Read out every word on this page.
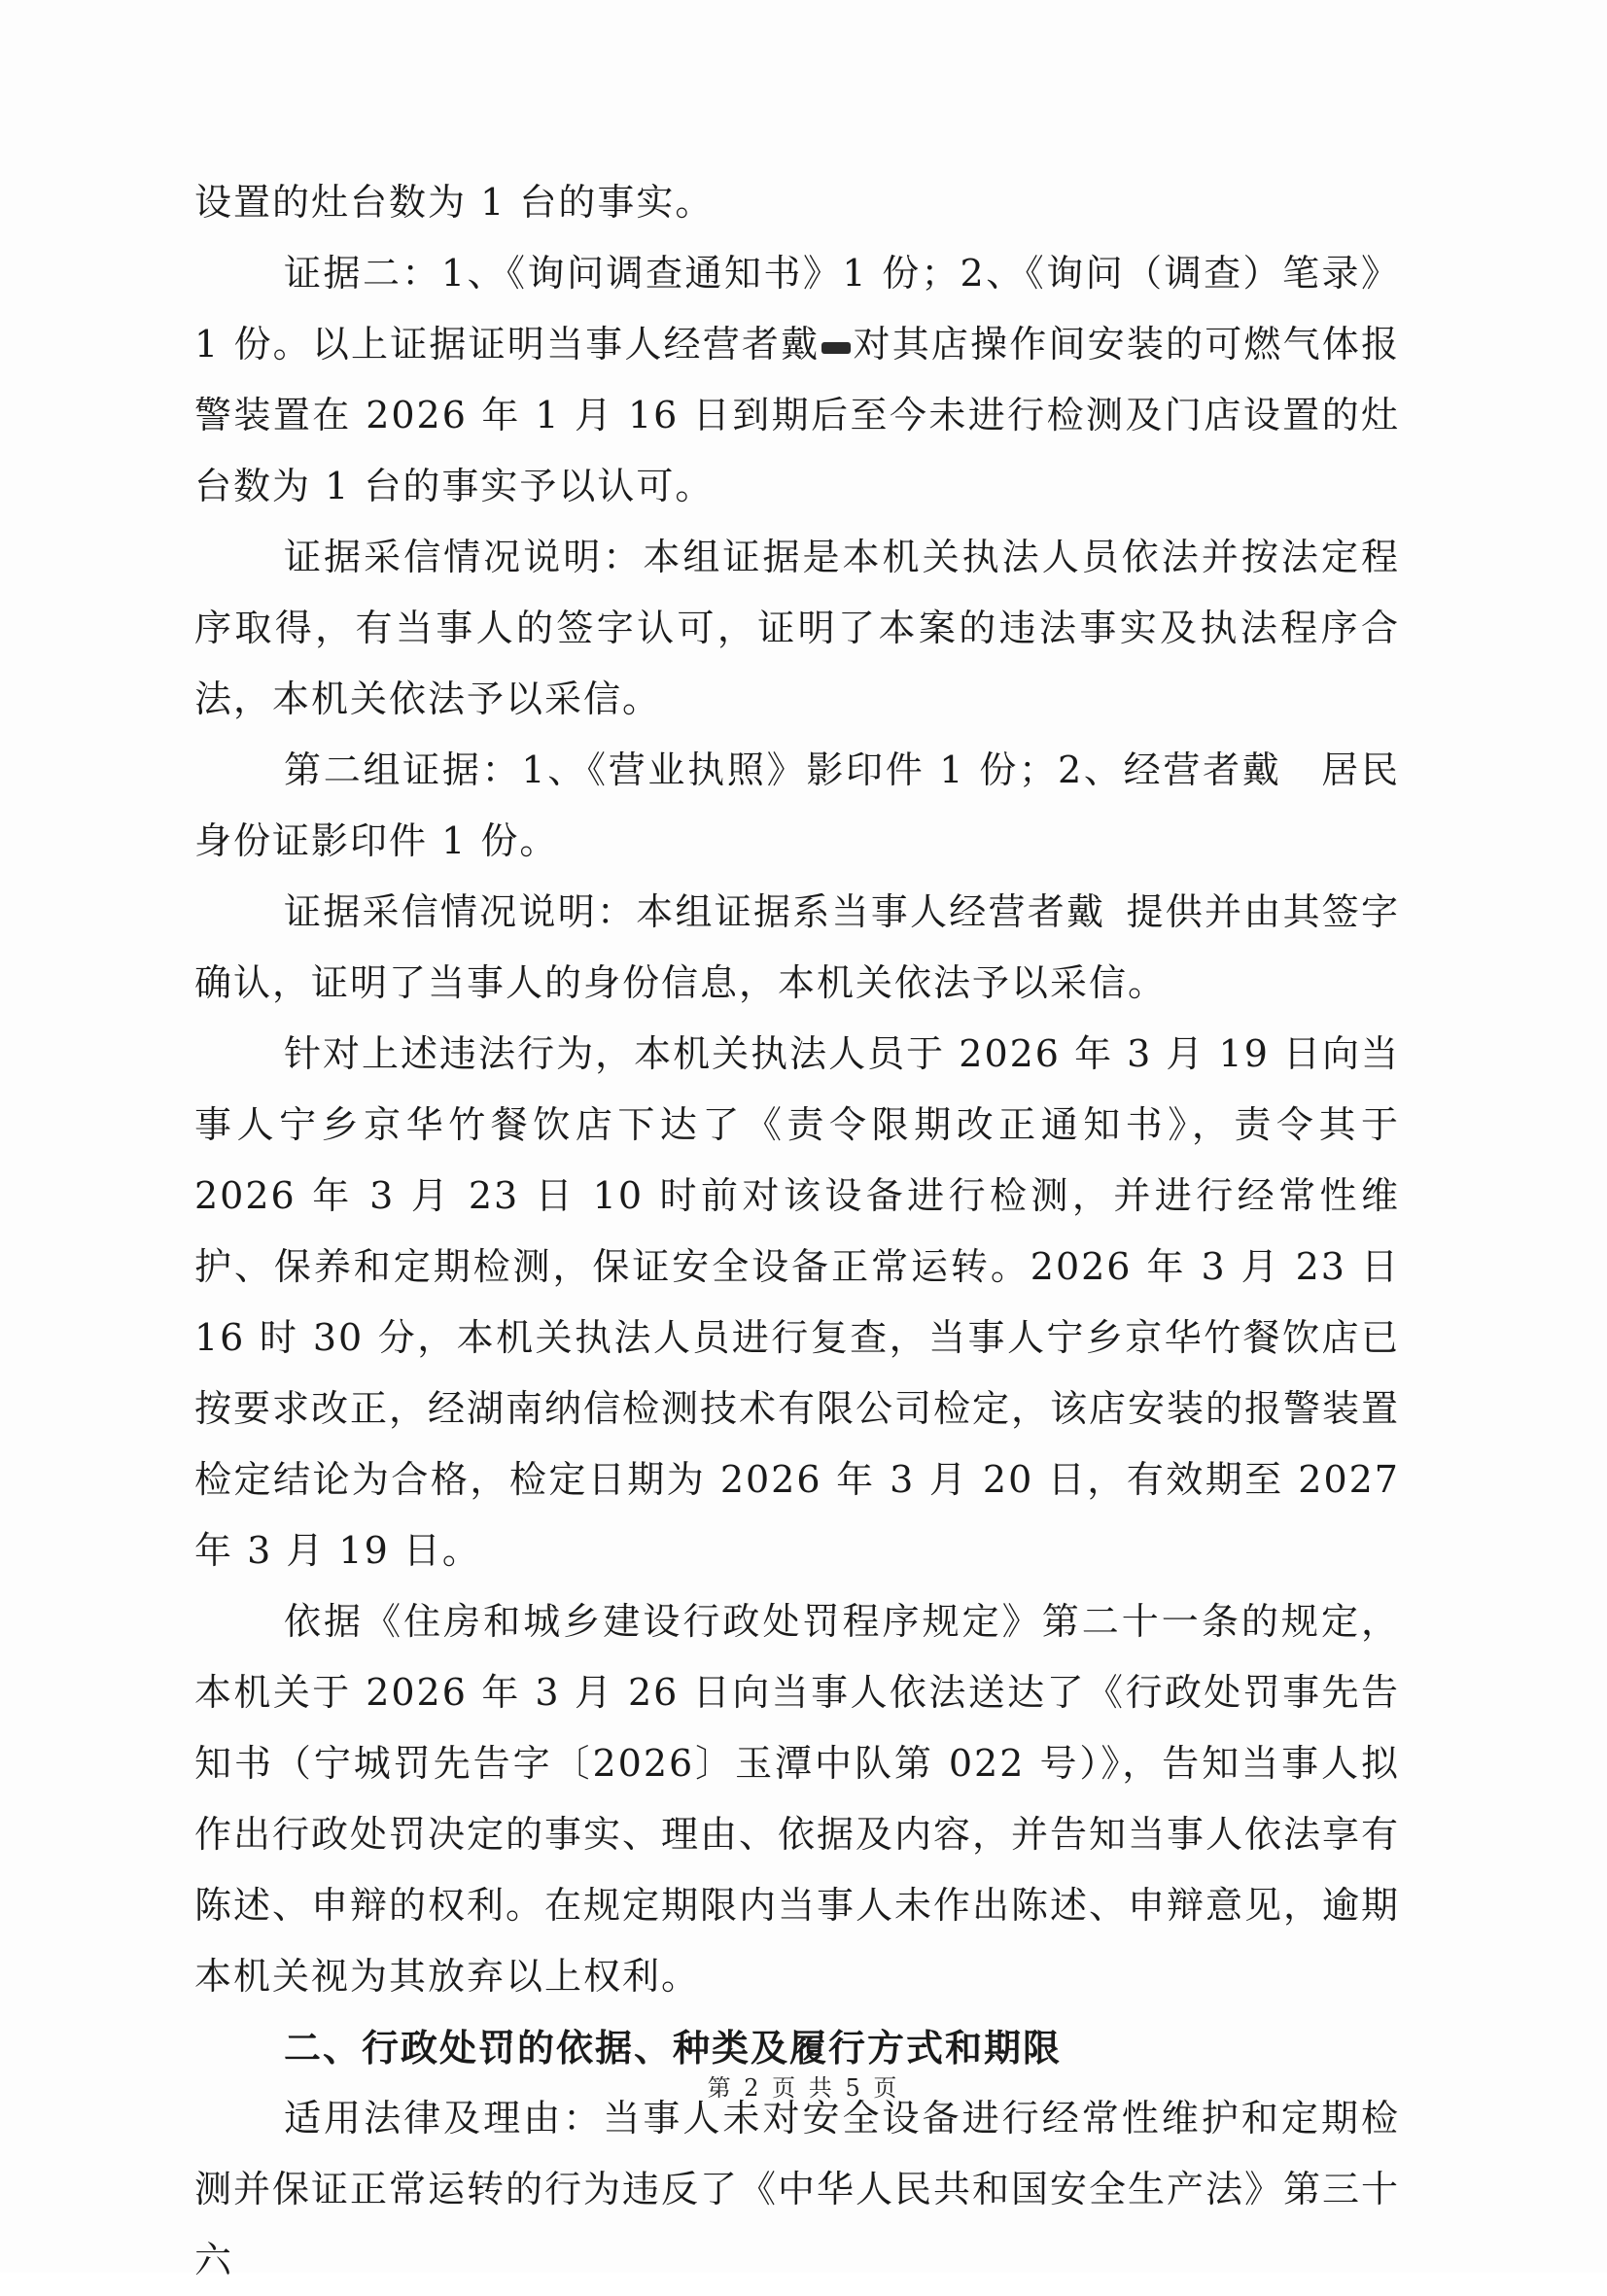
设置的灶台数为 1 台的事实。

证据二：1、《询问调查通知书》1 份；2、《询问（调查）笔录》1 份。以上证据证明当事人经营者戴 对其店操作间安装的可燃气体报警装置在 2026 年 1 月 16 日到期后至今未进行检测及门店设置的灶台数为 1 台的事实予以认可。

证据采信情况说明：本组证据是本机关执法人员依法并按法定程序取得，有当事人的签字认可，证明了本案的违法事实及执法程序合法，本机关依法予以采信。

第二组证据：1、《营业执照》影印件 1 份；2、经营者戴  居民身份证影印件 1 份。

证据采信情况说明：本组证据系当事人经营者戴  提供并由其签字确认，证明了当事人的身份信息，本机关依法予以采信。

针对上述违法行为，本机关执法人员于 2026 年 3 月 19 日向当事人宁乡京华竹餐饮店下达了《责令限期改正通知书》，责令其于 2026 年 3 月 23 日 10 时前对该设备进行检测，并进行经常性维护、保养和定期检测，保证安全设备正常运转。2026 年 3 月 23 日 16 时 30 分，本机关执法人员进行复查，当事人宁乡京华竹餐饮店已按要求改正，经湖南纳信检测技术有限公司检定，该店安装的报警装置检定结论为合格，检定日期为 2026 年 3 月 20 日，有效期至 2027 年 3 月 19 日。

依据《住房和城乡建设行政处罚程序规定》第二十一条的规定，本机关于 2026 年 3 月 26 日向当事人依法送达了《行政处罚事先告知书（宁城罚先告字〔2026〕玉潭中队第 022 号）》，告知当事人拟作出行政处罚决定的事实、理由、依据及内容，并告知当事人依法享有陈述、申辩的权利。在规定期限内当事人未作出陈述、申辩意见，逾期本机关视为其放弃以上权利。

二、行政处罚的依据、种类及履行方式和期限

适用法律及理由：当事人未对安全设备进行经常性维护和定期检测并保证正常运转的行为违反了《中华人民共和国安全生产法》第三十六

第 2 页 共 5 页
